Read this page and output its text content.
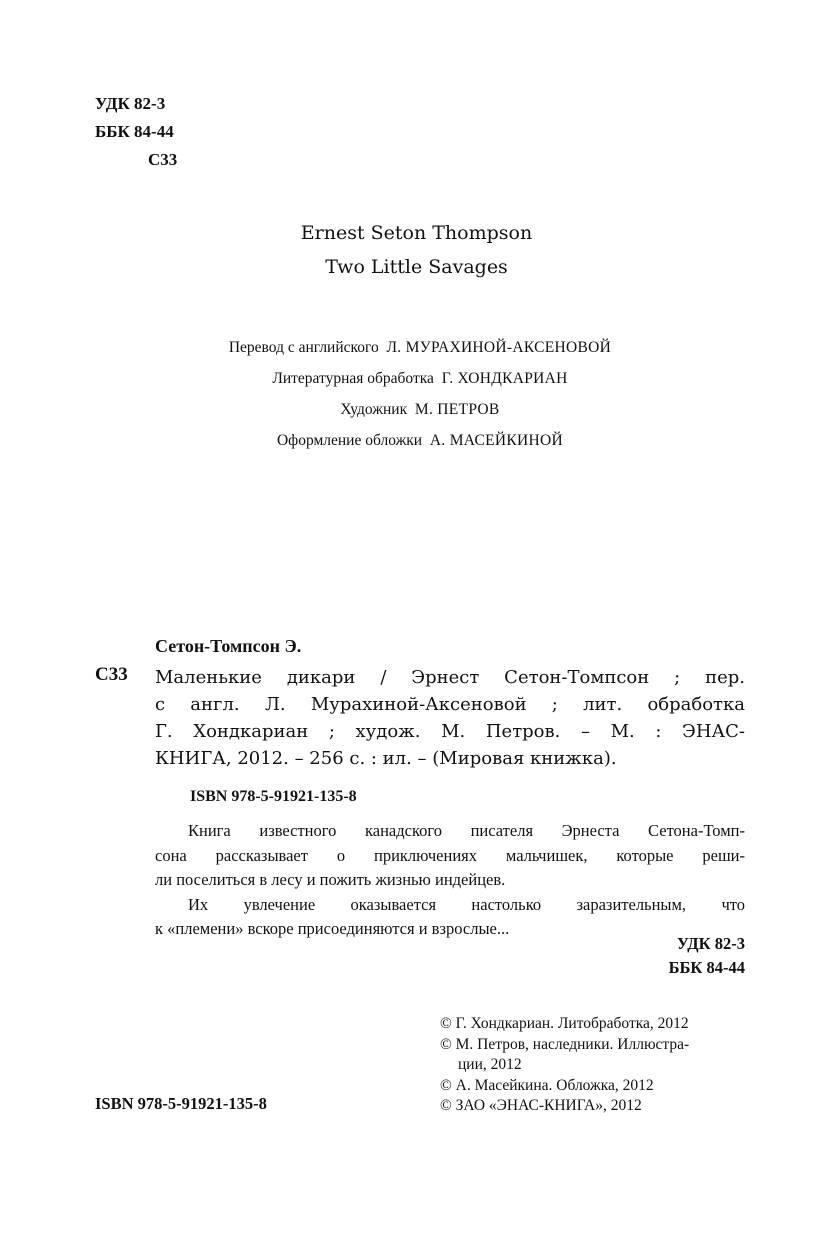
УДК 82-3
ББК 84-44
С33
Ernest Seton Thompson
Two Little Savages
Перевод с английского Л. МУРАХИНОЙ-АКСЕНОВОЙ
Литературная обработка Г. ХОНДКАРИАН
Художник М. ПЕТРОВ
Оформление обложки А. МАСЕЙКИНОЙ
Сетон-Томпсон Э.
С33 Маленькие дикари / Эрнест Сетон-Томпсон ; пер.
с англ. Л. Мурахиной-Аксеновой ; лит. обработка
Г. Хондкариан ; худож. М. Петров. – М. : ЭНАС-
КНИГА, 2012. – 256 с. : ил. – (Мировая книжка).
ISBN 978-5-91921-135-8
Книга известного канадского писателя Эрнеста Сетона-Томп-
сона рассказывает о приключениях мальчишек, которые реши-
ли поселиться в лесу и пожить жизнью индейцев.
Их увлечение оказывается настолько заразительным, что
к «племени» вскоре присоединяются и взрослые...
УДК 82-3
ББК 84-44
© Г. Хондкариан. Литобработка, 2012
© М. Петров, наследники. Иллюстра-
ции, 2012
© А. Масейкина. Обложка, 2012
© ЗАО «ЭНАС-КНИГА», 2012
ISBN 978-5-91921-135-8
